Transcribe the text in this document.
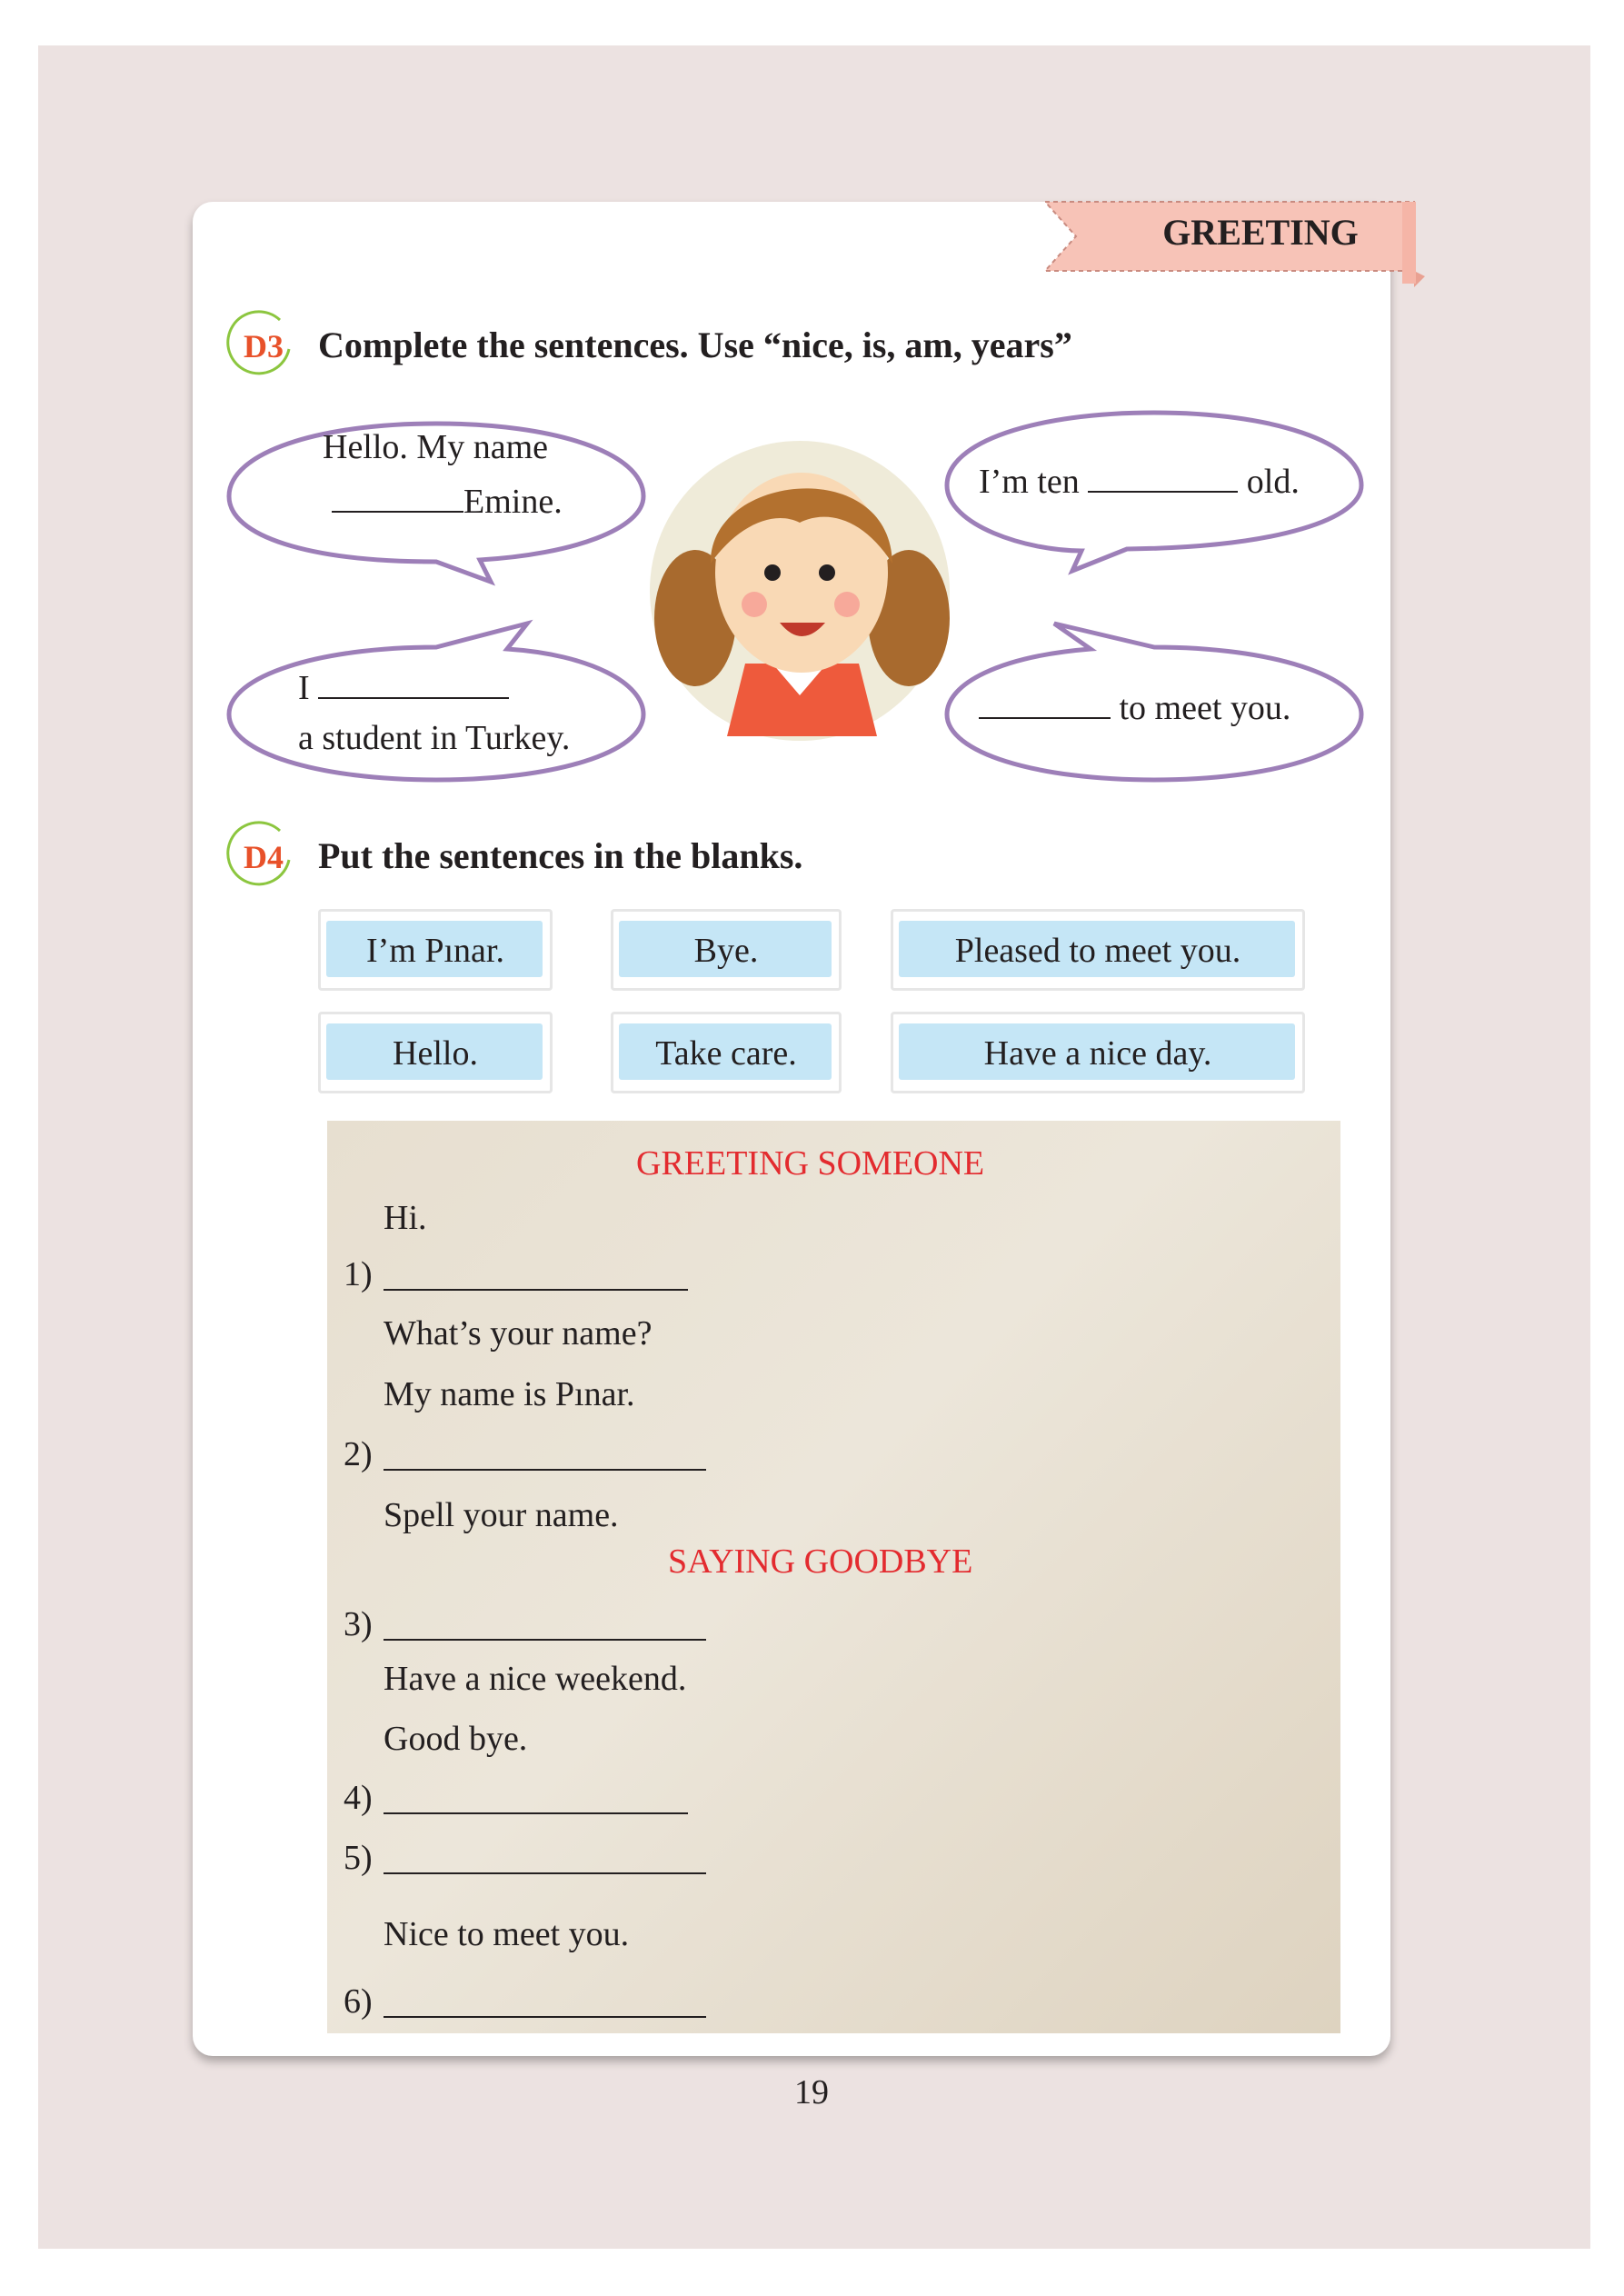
GREETING
D3 Complete the sentences. Use “nice, is, am, years”
Hello. My name
Emine.
I’m ten	old.
I
a student in Turkey.
to meet you.
D4 Put the sentences in the blanks.
I’m Pınar.	Bye.	Pleased to meet you.
Hello.	Take care.	Have a nice day.
GREETING SOMEONE
Hi.
1)
What’s your name?
My name is Pınar.
2)
Spell your name.
SAYING GOODBYE
3)
Have a nice weekend.
Good bye.
4)
5)
Nice to meet you.
6)
19
